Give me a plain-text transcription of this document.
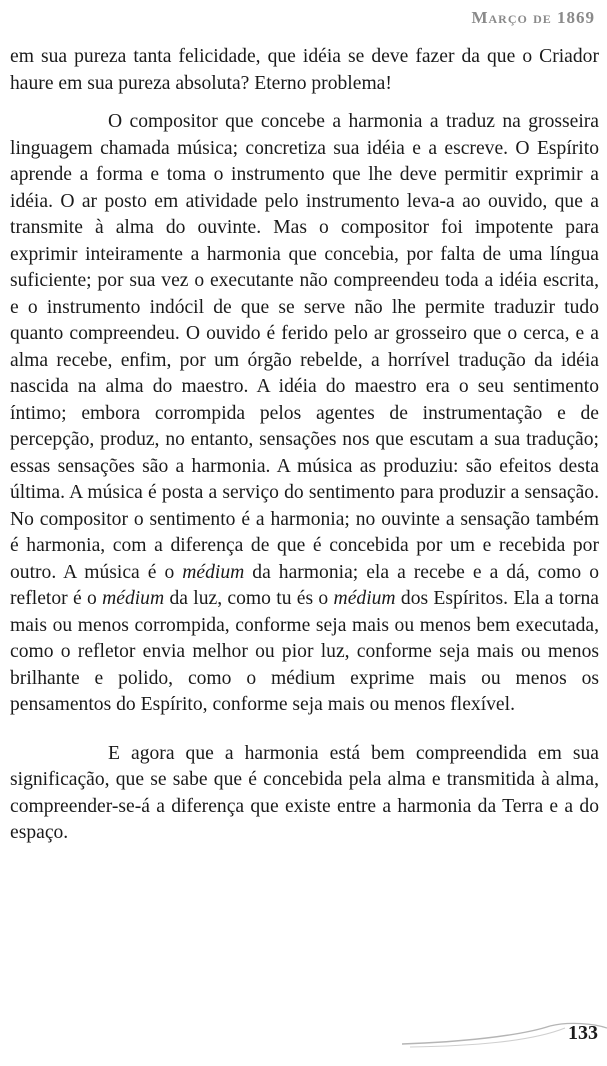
Março de 1869

em sua pureza tanta felicidade, que idéia se deve fazer da que o Criador haure em sua pureza absoluta? Eterno problema!

O compositor que concebe a harmonia a traduz na grosseira linguagem chamada música; concretiza sua idéia e a escreve. O Espírito aprende a forma e toma o instrumento que lhe deve permitir exprimir a idéia. O ar posto em atividade pelo instrumento leva-a ao ouvido, que a transmite à alma do ouvinte. Mas o compositor foi impotente para exprimir inteiramente a harmonia que concebia, por falta de uma língua suficiente; por sua vez o executante não compreendeu toda a idéia escrita, e o instrumento indócil de que se serve não lhe permite traduzir tudo quanto compreendeu. O ouvido é ferido pelo ar grosseiro que o cerca, e a alma recebe, enfim, por um órgão rebelde, a horrível tradução da idéia nascida na alma do maestro. A idéia do maestro era o seu sentimento íntimo; embora corrompida pelos agentes de instrumentação e de percepção, produz, no entanto, sensações nos que escutam a sua tradução; essas sensações são a harmonia. A música as produziu: são efeitos desta última. A música é posta a serviço do sentimento para produzir a sensação. No compositor o sentimento é a harmonia; no ouvinte a sensação também é harmonia, com a diferença de que é concebida por um e recebida por outro. A música é o médium da harmonia; ela a recebe e a dá, como o refletor é o médium da luz, como tu és o médium dos Espíritos. Ela a torna mais ou menos corrompida, conforme seja mais ou menos bem executada, como o refletor envia melhor ou pior luz, conforme seja mais ou menos brilhante e polido, como o médium exprime mais ou menos os pensamentos do Espírito, conforme seja mais ou menos flexível.

E agora que a harmonia está bem compreendida em sua significação, que se sabe que é concebida pela alma e transmitida à alma, compreender-se-á a diferença que existe entre a harmonia da Terra e a do espaço.

133
